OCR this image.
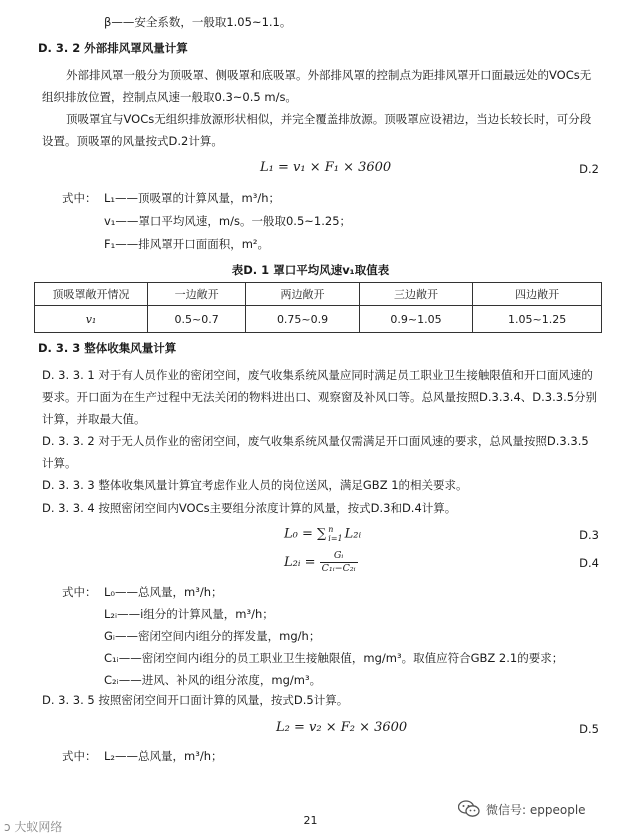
β——安全系数，一般取1.05~1.1。
D. 3. 2 外部排风罩风量计算
外部排风罩一般分为顶吸罩、侧吸罩和底吸罩。外部排风罩的控制点为距排风罩开口面最远处的VOCs无组织排放位置，控制点风速一般取0.3~0.5 m/s。
顶吸罩宜与VOCs无组织排放源形状相似，并完全覆盖排放源。顶吸罩应设裙边，当边长较长时，可分段设置。顶吸罩的风量按式D.2计算。
L₁ = v₁ × F₁ × 3600	D.2
式中： L₁——顶吸罩的计算风量，m³/h；
v₁——罩口平均风速，m/s。一般取0.5~1.25；
F₁——排风罩开口面面积，m²。
表D. 1 罩口平均风速v₁取值表
顶吸罩敞开情况	一边敞开	两边敞开	三边敞开	四边敞开
v₁	0.5~0.7	0.75~0.9	0.9~1.05	1.05~1.25
D. 3. 3 整体收集风量计算
D. 3. 3. 1 对于有人员作业的密闭空间，废气收集系统风量应同时满足员工职业卫生接触限值和开口面风速的要求。开口面为在生产过程中无法关闭的物料进出口、观察窗及补风口等。总风量按照D.3.3.4、D.3.3.5分别计算，并取最大值。
D. 3. 3. 2 对于无人员作业的密闭空间，废气收集系统风量仅需满足开口面风速的要求，总风量按照D.3.3.5计算。
D. 3. 3. 3 整体收集风量计算宜考虑作业人员的岗位送风，满足GBZ 1的相关要求。
D. 3. 3. 4 按照密闭空间内VOCs主要组分浓度计算的风量，按式D.3和D.4计算。
L₀ = ∑ n
i=1 L₂ᵢ	D.3
L₂ᵢ = $\frac{\text{Gᵢ}}{\text{C₁ᵢ−C₂ᵢ}}$	D.4
式中： L₀——总风量，m³/h；
L₂ᵢ——i组分的计算风量，m³/h；
Gᵢ——密闭空间内i组分的挥发量，mg/h；
C₁ᵢ——密闭空间内i组分的员工职业卫生接触限值，mg/m³。取值应符合GBZ 2.1的要求；
C₂ᵢ——进风、补风的i组分浓度，mg/m³。
D. 3. 3. 5 按照密闭空间开口面计算的风量，按式D.5计算。
L₂ = v₂ × F₂ × 3600	D.5
式中： L₂——总风量，m³/h；
21
ↄ 大蚁网络
微信号: eppeople
